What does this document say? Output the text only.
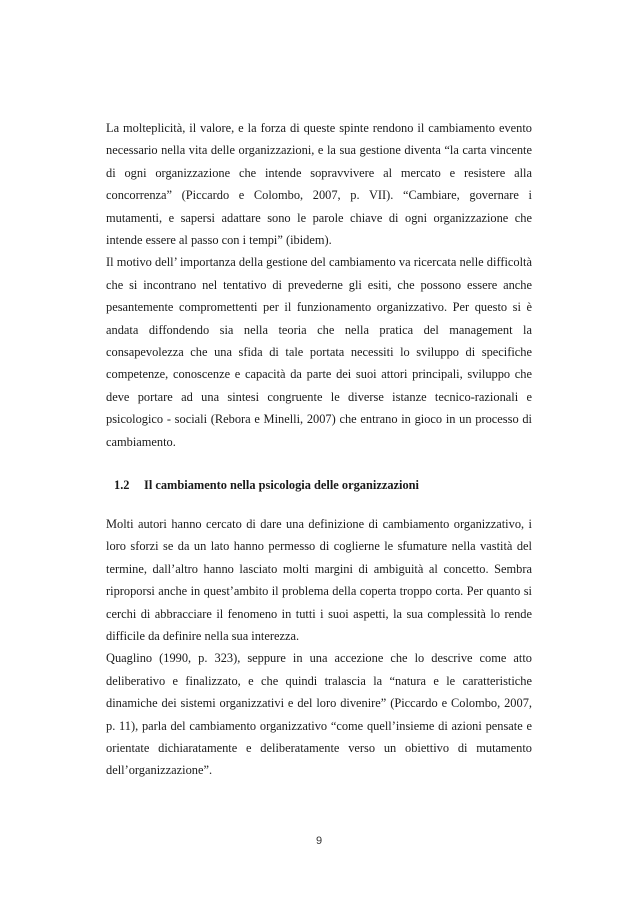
La molteplicità, il valore, e la forza di queste spinte rendono il cambiamento evento necessario nella vita delle organizzazioni, e la sua gestione diventa “la carta vincente di ogni organizzazione che intende sopravvivere al mercato e resistere alla concorrenza” (Piccardo e Colombo, 2007, p. VII). “Cambiare, governare i mutamenti, e sapersi adattare sono le parole chiave di ogni organizzazione che intende essere al passo con i tempi” (ibidem).

Il motivo dell’ importanza della gestione del cambiamento va ricercata nelle difficoltà che si incontrano nel tentativo di prevederne gli esiti, che possono essere anche pesantemente compromettenti per il funzionamento organizzativo. Per questo si è andata diffondendo sia nella teoria che nella pratica del management la consapevolezza che una sfida di tale portata necessiti lo sviluppo di specifiche competenze, conoscenze e capacità da parte dei suoi attori principali, sviluppo che deve portare ad una sintesi congruente le diverse istanze tecnico-razionali e psicologico - sociali (Rebora e Minelli, 2007) che entrano in gioco in un processo di cambiamento.

1.2 Il cambiamento nella psicologia delle organizzazioni

Molti autori hanno cercato di dare una definizione di cambiamento organizzativo, i loro sforzi se da un lato hanno permesso di coglierne le sfumature nella vastità del termine, dall’altro hanno lasciato molti margini di ambiguità al concetto. Sembra riproporsi anche in quest’ambito il problema della coperta troppo corta. Per quanto si cerchi di abbracciare il fenomeno in tutti i suoi aspetti, la sua complessità lo rende difficile da definire nella sua interezza.

Quaglino (1990, p. 323), seppure in una accezione che lo descrive come atto deliberativo e finalizzato, e che quindi tralascia la “natura e le caratteristiche dinamiche dei sistemi organizzativi e del loro divenire” (Piccardo e Colombo, 2007, p. 11), parla del cambiamento organizzativo “come quell’insieme di azioni pensate e orientate dichiaratamente e deliberatamente verso un obiettivo di mutamento dell’organizzazione”.

9
